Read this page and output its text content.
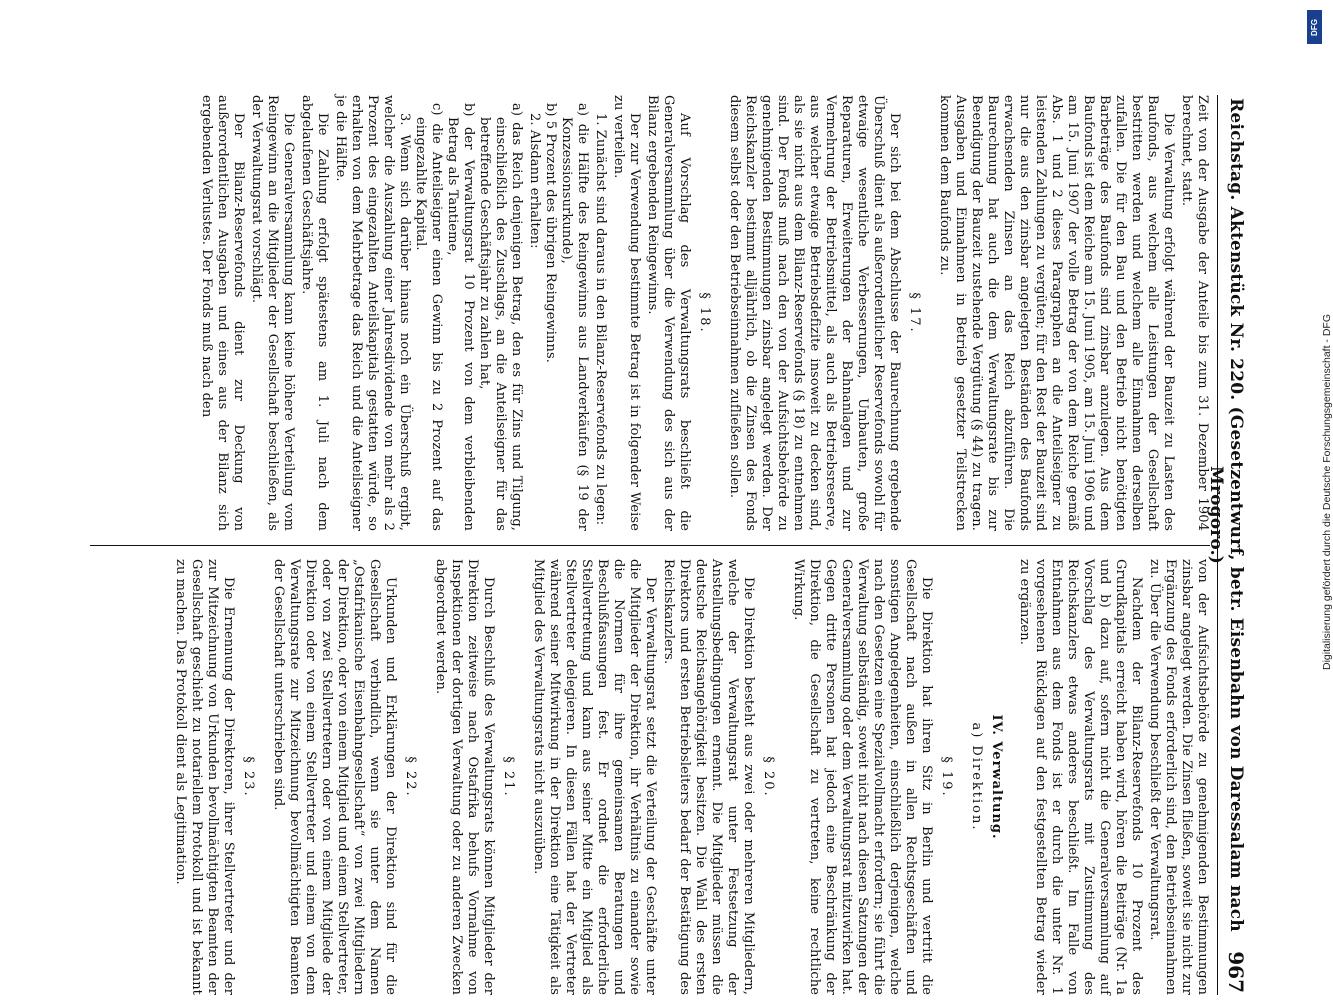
Reichstag. Aktenstück Nr. 220. (Gesetzentwurf, betr. Eisenbahn von Daressalam nach Mrogoro.)
967

Zeit von der Ausgabe der Anteile bis zum 31. Dezember 1904 berechnet, statt.

Die Verwaltung erfolgt während der Bauzeit zu Lasten des Baufonds, aus welchem alle Leistungen der Gesellschaft bestritten werden und welchem alle Einnahmen derselben zufallen. Die für den Bau und den Betrieb nicht benötigten Barbeträge des Baufonds sind zinsbar anzulegen. Aus dem Baufonds ist dem Reiche am 15. Juni 1905, am 15. Juni 1906 und am 15. Juni 1907 der volle Betrag der von dem Reiche gemäß Abs. 1 und 2 dieses Paragraphen an die Anteilseigner zu leistenden Zahlungen zu vergüten; für den Rest der Bauzeit sind nur die aus den zinsbar angelegten Beständen des Baufonds erwachsenden Zinsen an das Reich abzuführen. Die Baurechnung hat auch die dem Verwaltungsrate bis zur Beendigung der Bauzeit zustehende Vergütung (§ 44) zu tragen. Ausgaben und Einnahmen in Betrieb gesetzter Teilstrecken kommen dem Baufonds zu.

§ 17.

Der sich bei dem Abschlusse der Baurechnung ergebende Überschuß dient als außerordentlicher Reservefonds sowohl für etwaige wesentliche Verbesserungen, Umbauten, große Reparaturen, Erweiterungen der Bahnanlagen und zur Vermehrung der Betriebsmittel, als auch als Betriebsreserve, aus welcher etwaige Betriebsdefizite insoweit zu decken sind, als sie nicht aus dem Bilanz-Reservefonds (§ 18) zu entnehmen sind. Der Fonds muß nach den von der Aufsichtsbehörde zu genehmigenden Bestimmungen zinsbar angelegt werden. Der Reichskanzler bestimmt alljährlich, ob die Zinsen des Fonds diesem selbst oder den Betriebseinnahmen zufließen sollen.

§ 18.

Auf Vorschlag des Verwaltungsrats beschließt die Generalversammlung über die Verwendung des sich aus der Bilanz ergebenden Reingewinns.

Der zur Verwendung bestimmte Betrag ist in folgender Weise zu verteilen.

1. Zunächst sind daraus in den Bilanz-Reservefonds zu legen:

a) die Hälfte des Reingewinns aus Landverkäufen (§ 19 der Konzessionsurkunde),

b) 5 Prozent des übrigen Reingewinns.

2. Alsdann erhalten:

a) das Reich denjenigen Betrag, den es für Zins und Tilgung, einschließlich des Zuschlags, an die Anteilseigner für das betreffende Geschäftsjahr zu zahlen hat,

b) der Verwaltungsrat 10 Prozent von dem verbleibenden Betrag als Tantieme,

c) die Anteilseigner einen Gewinn bis zu 2 Prozent auf das eingezahlte Kapital.

3. Wenn sich darüber hinaus noch ein Überschuß ergibt, welcher die Auszahlung einer Jahresdividende von mehr als 2 Prozent des eingezahlten Anteilskapitals gestatten würde, so erhalten von dem Mehrbetrage das Reich und die Anteilseigner je die Hälfte.

Die Zahlung erfolgt spätestens am 1. Juli nach dem abgelaufenen Geschäftsjahre.

Die Generalversammlung kann keine höhere Verteilung vom Reingewinn an die Mitglieder der Gesellschaft beschließen, als der Verwaltungsrat vorschlägt.

Der Bilanz-Reservefonds dient zur Deckung von außerordentlichen Ausgaben und eines aus der Bilanz sich ergebenden Verlustes. Der Fonds muß nach den

von der Aufsichtsbehörde zu genehmigenden Bestimmungen zinsbar angelegt werden. Die Zinsen fließen, soweit sie nicht zur Ergänzung des Fonds erforderlich sind, den Betriebseinnahmen zu. Über die Verwendung beschließt der Verwaltungsrat.

Nachdem der Bilanz-Reservefonds 10 Prozent des Grundkapitals erreicht haben wird, hören die Beiträge (Nr. 1a und b) dazu auf, sofern nicht die Generalversammlung auf Vorschlag des Verwaltungsrats mit Zustimmung des Reichskanzlers etwas anderes beschließt. Im Falle von Entnahmen aus dem Fonds ist er durch die unter Nr. 1 vorgesehenen Rücklagen auf den festgestellten Betrag wieder zu ergänzen.

IV. Verwaltung.

a) Direktion.

§ 19.

Die Direktion hat ihren Sitz in Berlin und vertritt die Gesellschaft nach außen in allen Rechtsgeschäften und sonstigen Angelegenheiten, einschließlich derjenigen, welche nach den Gesetzen eine Spezialvollmacht erfordern; sie führt die Verwaltung selbständig, soweit nicht nach diesen Satzungen der Generalversammlung oder dem Verwaltungsrat mitzuwirken hat. Gegen dritte Personen hat jedoch eine Beschränkung der Direktion, die Gesellschaft zu vertreten, keine rechtliche Wirkung.

§ 20.

Die Direktion besteht aus zwei oder mehreren Mitgliedern, welche der Verwaltungsrat unter Festsetzung der Anstellungsbedingungen ernennt. Die Mitglieder müssen die deutsche Reichsangehörigkeit besitzen. Die Wahl des ersten Direktors und ersten Betriebsleiters bedarf der Bestätigung des Reichskanzlers.

Der Verwaltungsrat setzt die Verteilung der Geschäfte unter die Mitglieder der Direktion, ihr Verhältnis zu einander sowie die Normen für ihre gemeinsamen Beratungen und Beschlußfassungen fest. Er ordnet die erforderliche Stellvertretung und kann aus seiner Mitte ein Mitglied als Stellvertreter delegieren. In diesen Fällen hat der Vertreter während seiner Mitwirkung in der Direktion eine Tätigkeit als Mitglied des Verwaltungsrats nicht auszuüben.

§ 21.

Durch Beschluß des Verwaltungsrats können Mitglieder der Direktion zeitweise nach Ostafrika behufs Vornahme von Inspektionen der dortigen Verwaltung oder zu anderen Zwecken abgeordnet werden.

§ 22.

Urkunden und Erklärungen der Direktion sind für die Gesellschaft verbindlich, wenn sie unter dem Namen „Ostafrikanische Eisenbahngesellschaft“ von zwei Mitgliedern der Direktion, oder von einem Mitglied und einem Stellvertreter, oder von zwei Stellvertretern oder von einem Mitgliede der Direktion oder von einem Stellvertreter und einem von dem Verwaltungsrate zur Mitzeichnung bevollmächtigten Beamten der Gesellschaft unterschrieben sind.

§ 23.

Die Ernennung der Direktoren, ihrer Stellvertreter und der zur Mitzeichnung von Urkunden bevollmächtigten Beamten der Gesellschaft geschieht zu notariellem Protokoll und ist bekannt zu machen. Das Protokoll dient als Legitimation.

DFG
Digitalisierung gefördert durch die Deutsche Forschungsgemeinschaft - DFG
